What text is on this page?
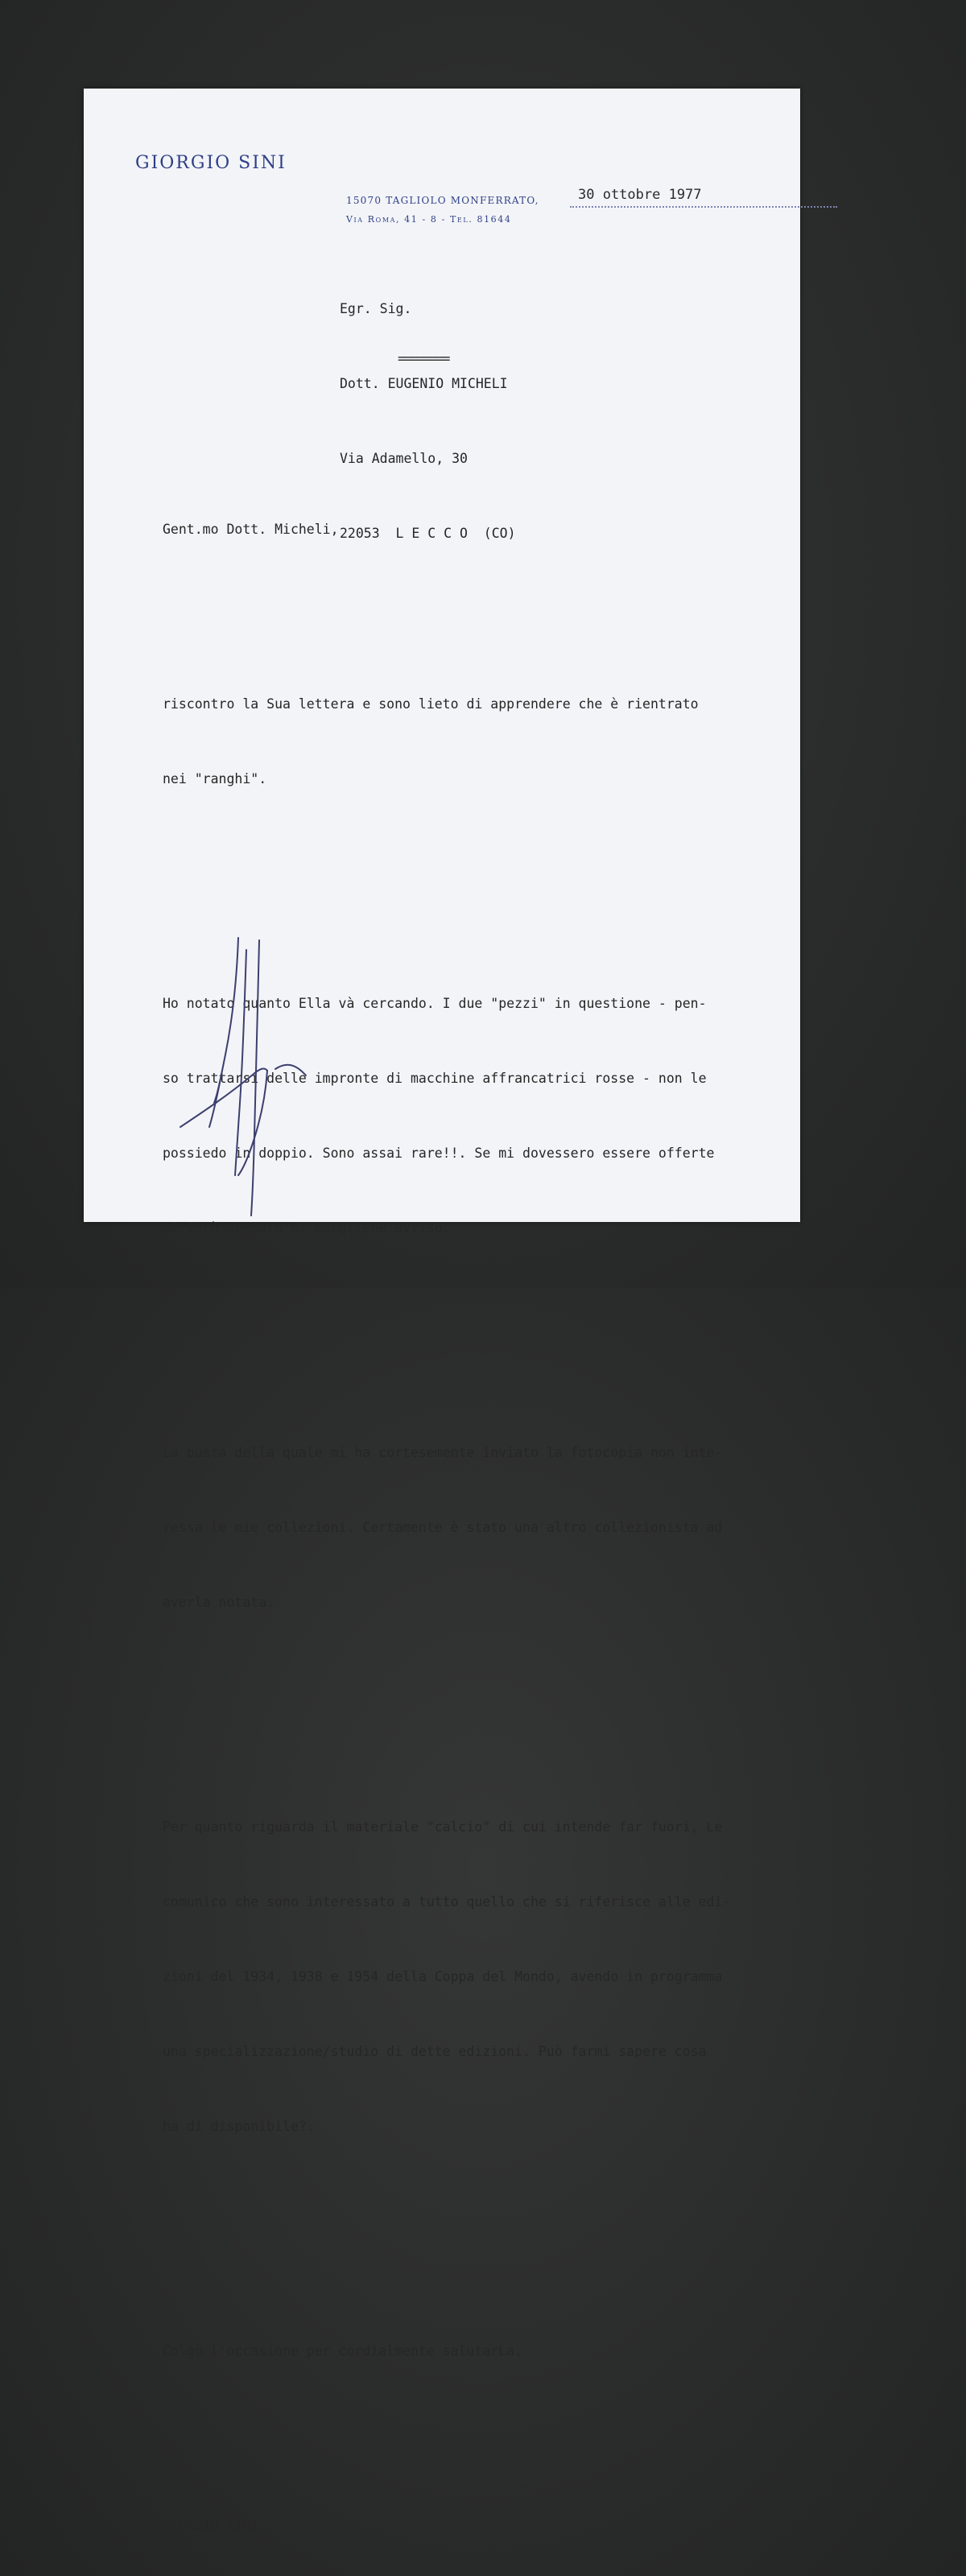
GIORGIO SINI
15070 TAGLIOLO MONFERRATO,
Via Roma, 41 - 8 - Tel. 81644
30 ottobre 1977

Egr. Sig.

Dott. EUGENIO MICHELI

Via Adamello, 30

22053  L E C C O  (CO)

========

Gent.mo Dott. Micheli,

riscontro la Sua lettera e sono lieto di apprendere che è rientrato

nei "ranghi".

Ho notato quanto Ella và cercando. I due "pezzi" in questione - pen-

so trattarsi delle impronte di macchine affrancatrici rosse - non le

possiedo in doppio. Sono assai rare!!. Se mi dovessero essere offerte

mi farò premura di dargliene avviso.

La busta della quale mi ha cortesemente inviato la fotocopia non inte-

ressa le mie collezioni. Certamente è stato una altro collezionista ad

averla notata.

Per quanto riguarda il materiale "calcio" di cui intende far fuori, Le

comunico che sono interessato a tutto quello che si riferisce alle edi-

zioni del 1934, 1938 e 1954 della Coppa del Mondo, avendo in programma

una specializzazione/studio di dette edizioni. Può farmi sapere cosa

ha di disponibile?.

Colgo l'occasione per cordialmente salutarLa.

GIORGIO SINI
